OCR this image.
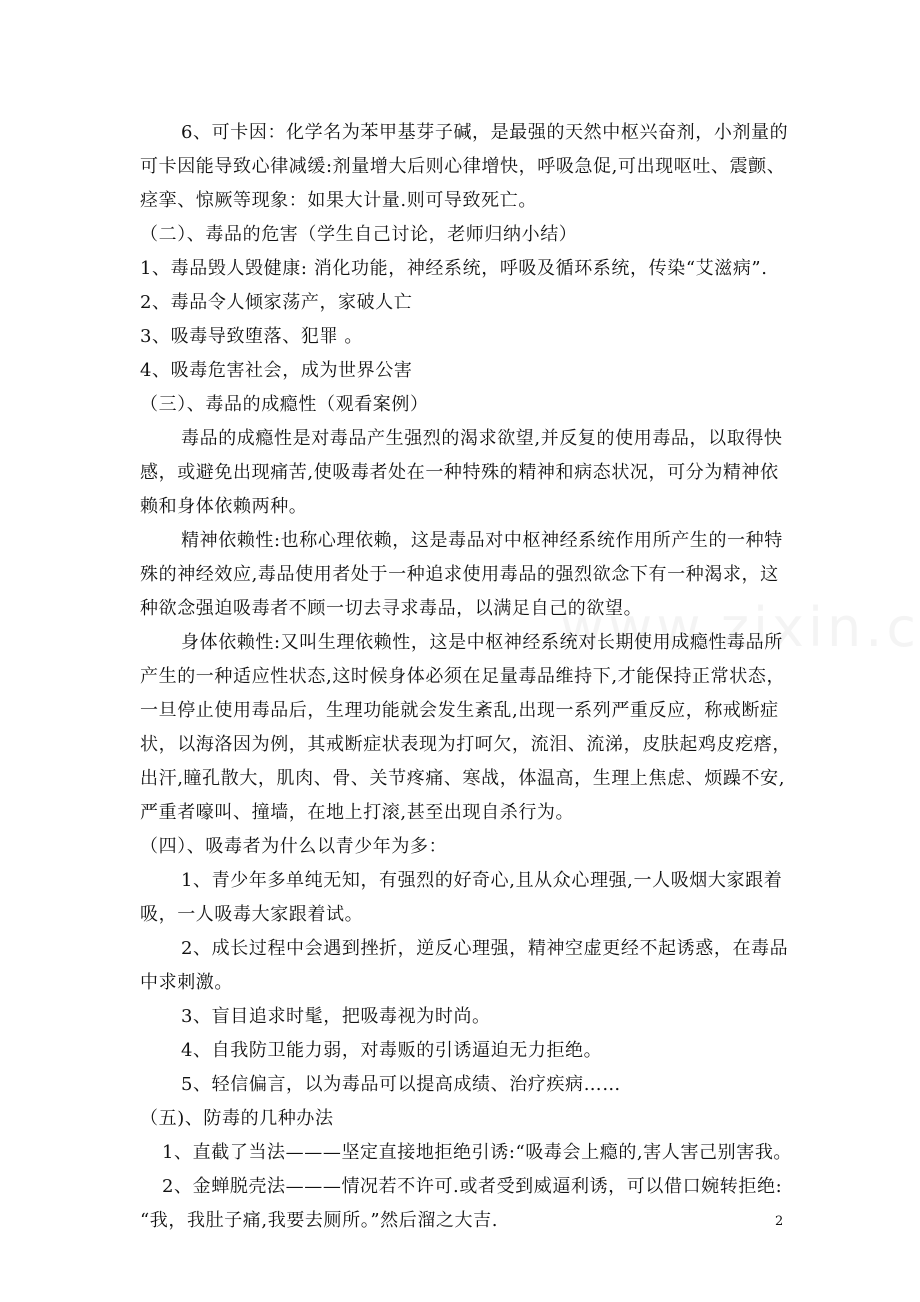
6、可卡因：化学名为苯甲基芽子碱，是最强的天然中枢兴奋剂，小剂量的
可卡因能导致心律减缓:剂量增大后则心律增快，呼吸急促,可出现呕吐、震颤、
痉挛、惊厥等现象：如果大计量.则可导致死亡。
（二）、毒品的危害（学生自己讨论，老师归纳小结）
1、毒品毁人毁健康: 消化功能，神经系统，呼吸及循环系统，传染“艾滋病”.
2、毒品令人倾家荡产，家破人亡
3、吸毒导致堕落、犯罪 。
4、吸毒危害社会，成为世界公害
（三）、毒品的成瘾性（观看案例）
毒品的成瘾性是对毒品产生强烈的渴求欲望,并反复的使用毒品，以取得快
感，或避免出现痛苦,使吸毒者处在一种特殊的精神和病态状况，可分为精神依
赖和身体依赖两种。
精神依赖性:也称心理依赖，这是毒品对中枢神经系统作用所产生的一种特
殊的神经效应,毒品使用者处于一种追求使用毒品的强烈欲念下有一种渴求，这
种欲念强迫吸毒者不顾一切去寻求毒品，以满足自己的欲望。
身体依赖性:又叫生理依赖性，这是中枢神经系统对长期使用成瘾性毒品所
产生的一种适应性状态,这时候身体必须在足量毒品维持下,才能保持正常状态，
一旦停止使用毒品后，生理功能就会发生紊乱,出现一系列严重反应，称戒断症
状，以海洛因为例，其戒断症状表现为打呵欠，流泪、流涕，皮肤起鸡皮疙瘩，
出汗,瞳孔散大，肌肉、骨、关节疼痛、寒战，体温高，生理上焦虑、烦躁不安,
严重者嚎叫、撞墙，在地上打滚,甚至出现自杀行为。
（四）、吸毒者为什么以青少年为多：
1、青少年多单纯无知，有强烈的好奇心,且从众心理强,一人吸烟大家跟着
吸，一人吸毒大家跟着试。
2、成长过程中会遇到挫折，逆反心理强，精神空虚更经不起诱惑，在毒品
中求刺激。
3、盲目追求时髦，把吸毒视为时尚。
4、自我防卫能力弱，对毒贩的引诱逼迫无力拒绝。
5、轻信偏言，以为毒品可以提高成绩、治疗疾病……
（五)、防毒的几种办法
1、直截了当法———坚定直接地拒绝引诱:“吸毒会上瘾的,害人害己别害我。
2、金蝉脱壳法———情况若不许可.或者受到威逼利诱，可以借口婉转拒绝:
“我，我肚子痛,我要去厕所。”然后溜之大吉.	2
